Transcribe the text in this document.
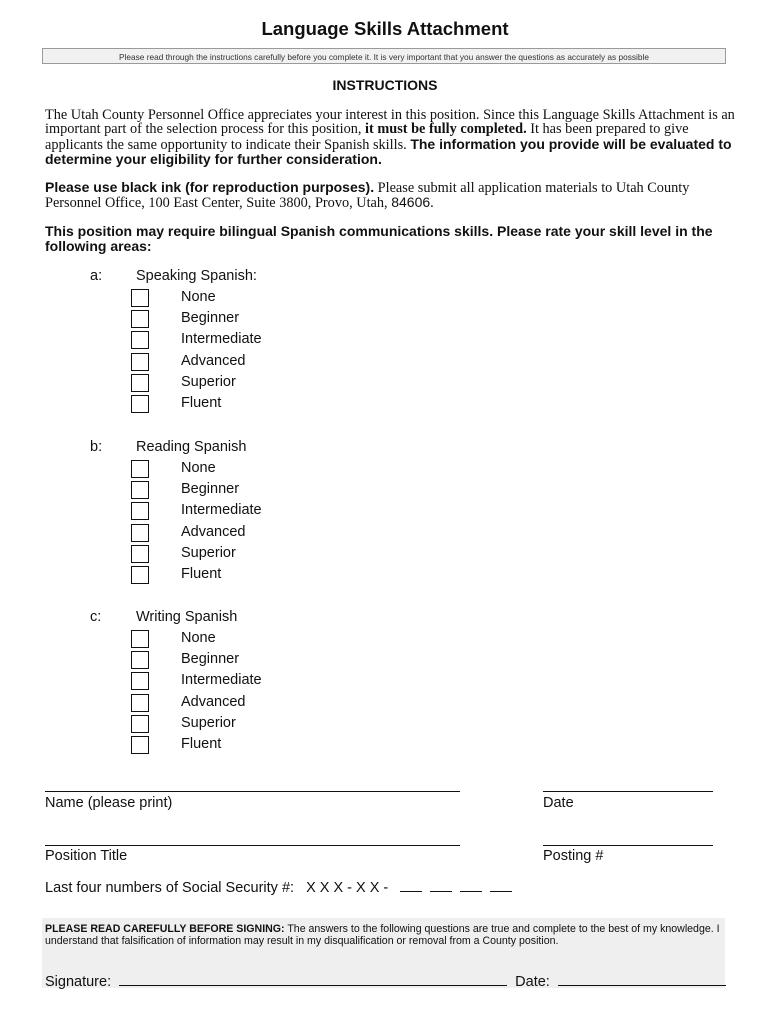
Language Skills Attachment
Please read through the instructions carefully before you complete it. It is very important that you answer the questions as accurately as possible
INSTRUCTIONS
The Utah County Personnel Office appreciates your interest in this position. Since this Language Skills Attachment is an important part of the selection process for this position, it must be fully completed. It has been prepared to give applicants the same opportunity to indicate their Spanish skills. The information you provide will be evaluated to determine your eligibility for further consideration.
Please use black ink (for reproduction purposes). Please submit all application materials to Utah County Personnel Office, 100 East Center, Suite 3800, Provo, Utah, 84606.
This position may require bilingual Spanish communications skills. Please rate your skill level in the following areas:
a: Speaking Spanish:
None
Beginner
Intermediate
Advanced
Superior
Fluent
b: Reading Spanish
None
Beginner
Intermediate
Advanced
Superior
Fluent
c: Writing Spanish
None
Beginner
Intermediate
Advanced
Superior
Fluent
Name (please print)	Date
Position Title	Posting #
Last four numbers of Social Security #: X X X - X X -
PLEASE READ CAREFULLY BEFORE SIGNING: The answers to the following questions are true and complete to the best of my knowledge. I understand that falsification of information may result in my disqualification or removal from a County position.
Signature:	Date:
